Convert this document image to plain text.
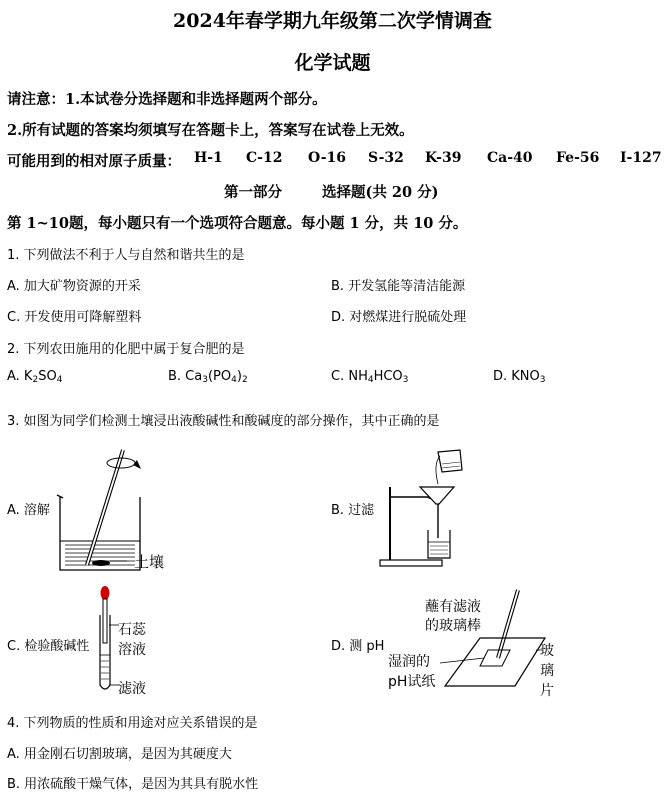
2024年春学期九年级第二次学情调查
化学试题
请注意：1.本试卷分选择题和非选择题两个部分。
2.所有试题的答案均须填写在答题卡上，答案写在试卷上无效。
可能用到的相对原子质量： H-1 C-12 O-16 S-32 K-39 Ca-40 Fe-56 I-127
第一部分	选择题(共 20 分)
第 1~10题，每小题只有一个选项符合题意。每小题 1 分，共 10 分。
1. 下列做法不利于人与自然和谐共生的是
A. 加大矿物资源的开采	B. 开发氢能等清洁能源
C. 开发使用可降解塑料	D. 对燃煤进行脱硫处理
2. 下列农田施用的化肥中属于复合肥的是
A. $K_2SO_4$	B. $Ca_3(PO_4)_2$	C. $NH_4HCO_3$	D. $KNO_3$
3. 如图为同学们检测土壤浸出液酸碱性和酸碱度的部分操作，其中正确的是
A. 溶解
土壤
B. 过滤
C. 检验酸碱性
石蕊
溶液
滤液
D. 测 pH
蘸有滤液
的玻璃棒
湿润的
pH试纸
玻
璃
片
4. 下列物质的性质和用途对应关系错误的是
A. 用金刚石切割玻璃，是因为其硬度大
B. 用浓硫酸干燥气体，是因为其具有脱水性
